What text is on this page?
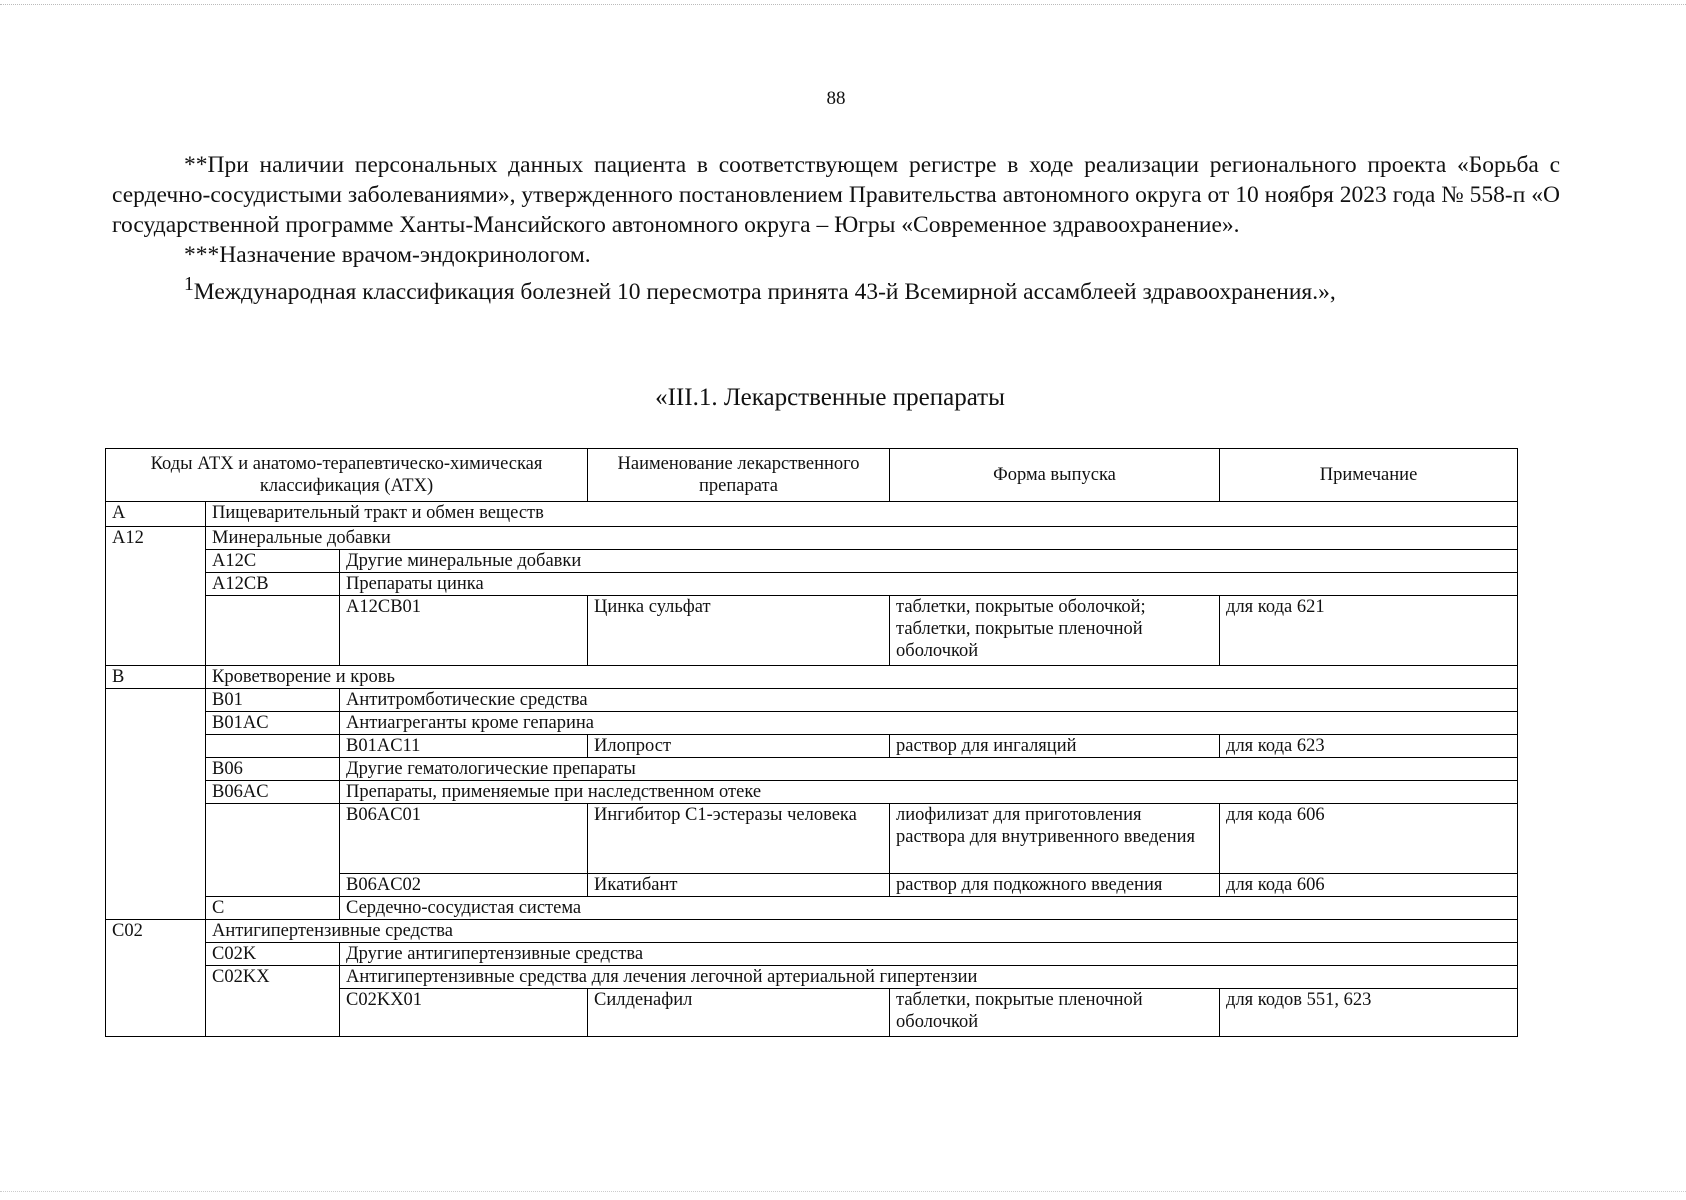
88

**При наличии персональных данных пациента в соответствующем регистре в ходе реализации регионального проекта «Борьба с сердечно-сосудистыми заболеваниями», утвержденного постановлением Правительства автономного округа от 10 ноября 2023 года № 558-п «О государственной программе Ханты-Мансийского автономного округа – Югры «Современное здравоохранение».

***Назначение врачом-эндокринологом.

$^1$Международная классификация болезней 10 пересмотра принята 43-й Всемирной ассамблеей здравоохранения.»,

«III.1. Лекарственные препараты
Коды АТХ и анатомо-терапевтическо-химическая классификация (АТХ)			Наименование лекарственного препарата	Форма выпуска	Примечание
A	Пищеварительный тракт и обмен веществ				
A12	Минеральные добавки				
	A12C	Другие минеральные добавки			
	A12CB	Препараты цинка			
		A12CB01	Цинка сульфат	таблетки, покрытые оболочкой; таблетки, покрытые пленочной оболочкой	для кода 621
B	Кроветворение и кровь				
	B01	Антитромботические средства			
	B01AC	Антиагреганты кроме гепарина			
		B01AC11	Илопрост	раствор для ингаляций	для кода 623
	B06	Другие гематологические препараты			
	B06AC	Препараты, применяемые при наследственном отеке			
		B06AC01	Ингибитор C1-эстеразы человека	лиофилизат для приготовления раствора для внутривенного введения	для кода 606
		B06AC02	Икатибант	раствор для подкожного введения	для кода 606
	C	Сердечно-сосудистая система			
C02	Антигипертензивные средства				
	C02K	Другие антигипертензивные средства			
	C02KX	Антигипертензивные средства для лечения легочной артериальной гипертензии			
		C02KX01	Силденафил	таблетки, покрытые пленочной оболочкой	для кодов 551, 623
